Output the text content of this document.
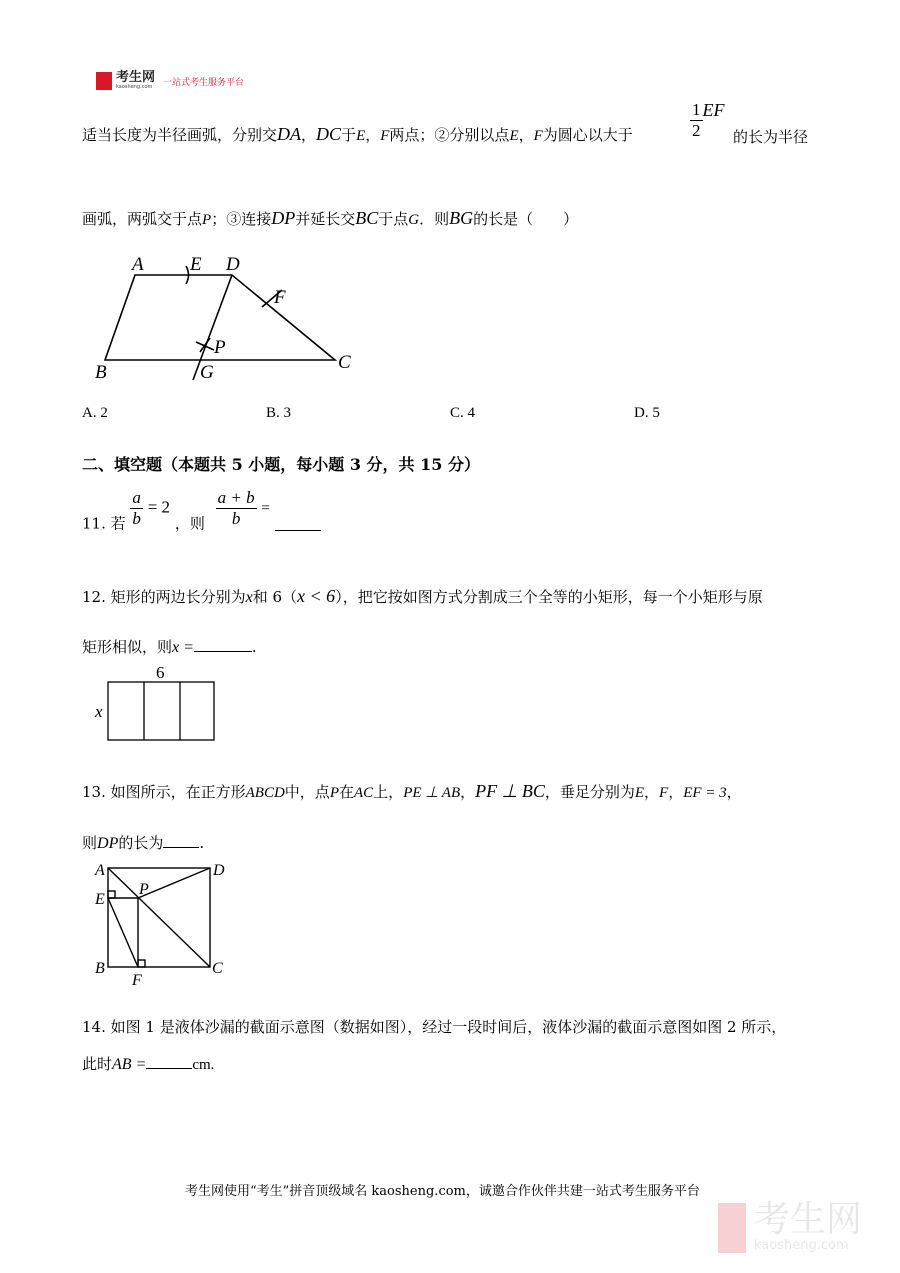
考生网
kaosheng.com 一站式考生服务平台
适当长度为半径画弧，分别交DA，DC于E，F两点；②分别以点E，F为圆心以大于	$\frac{1}{2}$ EF
的长为半径
画弧，两弧交于点P；③连接DP并延长交BC于点G．则BG的长是（　　）
A E D
F
P
B	G	C
A. 2	B. 3	C. 4	D. 5
二、填空题（本题共 5 小题，每小题 3 分，共 15 分）
11. 若 $\frac{a}{b} = 2$ ，则 $\frac{a + b}{b}$ =
12. 矩形的两边长分别为x和 6（x < 6），把它按如图方式分割成三个全等的小矩形，每一个小矩形与原
矩形相似，则x =	.
6
x
13. 如图所示，在正方形ABCD中，点P在AC上，PE ⊥ AB，PF ⊥ BC，垂足分别为E，F，EF = 3，
则DP的长为 .
A	D
E
P
B
F
C
14. 如图 1 是液体沙漏的截面示意图（数据如图），经过一段时间后，液体沙漏的截面示意图如图 2 所示，
此时AB =	cm.
考生网使用“考生”拼音顶级域名 kaosheng.com，诚邀合作伙伴共建一站式考生服务平台
考生网
kaosheng.com
